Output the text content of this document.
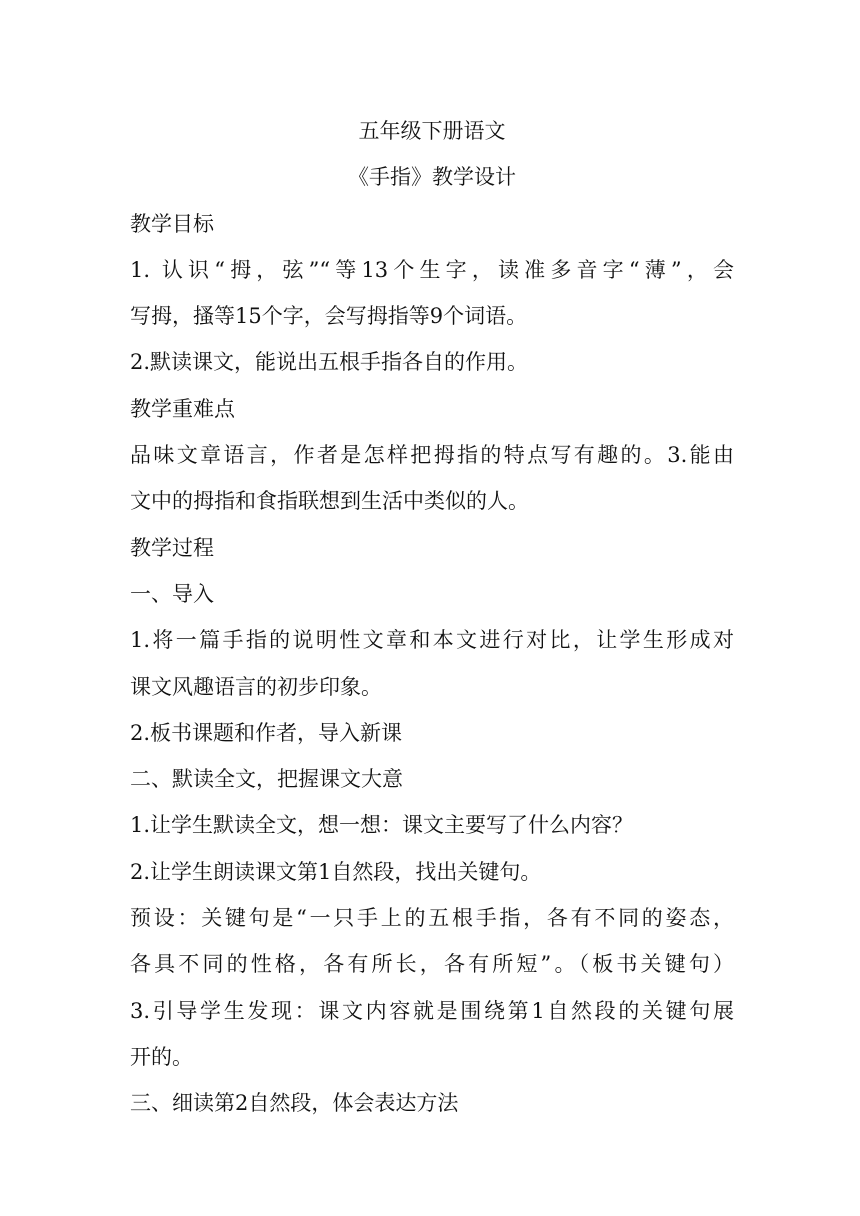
五年级下册语文
《手指》教学设计
教学目标
1. 认识“拇，弦”“等13个生字，读准多音字“薄”，会
写拇，搔等15个字，会写拇指等9个词语。
2.默读课文，能说出五根手指各自的作用。
教学重难点
品味文章语言，作者是怎样把拇指的特点写有趣的。3.能由
文中的拇指和食指联想到生活中类似的人。
教学过程
一、导入
1.将一篇手指的说明性文章和本文进行对比，让学生形成对
课文风趣语言的初步印象。
2.板书课题和作者，导入新课
二、默读全文，把握课文大意
1.让学生默读全文，想一想：课文主要写了什么内容？
2.让学生朗读课文第1自然段，找出关键句。
预设：关键句是“一只手上的五根手指，各有不同的姿态，
各具不同的性格，各有所长，各有所短”。（板书关键句）
3.引导学生发现：课文内容就是围绕第1自然段的关键句展
开的。
三、细读第2自然段，体会表达方法
